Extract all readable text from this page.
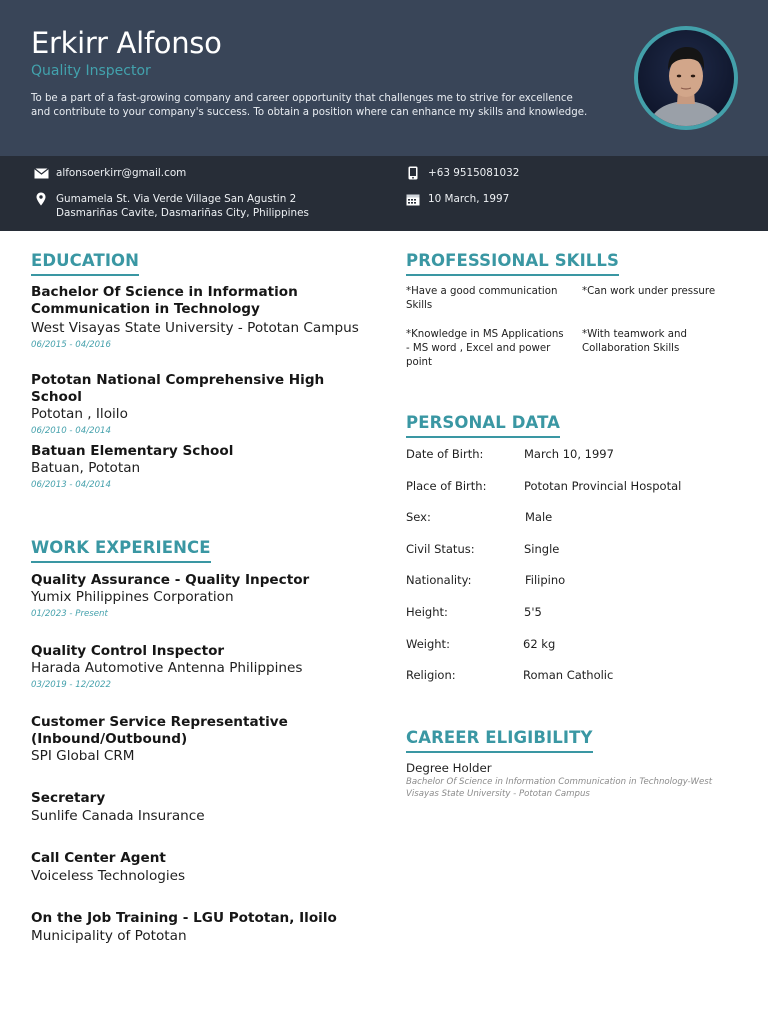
Erkirr Alfonso
Quality Inspector
To be a part of a fast-growing company and career opportunity that challenges me to strive for excellence and contribute to your company's success. To obtain a position where can enhance my skills and knowledge.
alfonsoerkirr@gmail.com	+63 9515081032
Gumamela St. Via Verde Village San Agustin 2
Dasmariñas Cavite, Dasmariñas City, Philippines
10 March, 1997
EDUCATION
Bachelor Of Science in Information Communication in Technology
West Visayas State University - Pototan Campus
06/2015 - 04/2016
Pototan National Comprehensive High School
Pototan , Iloilo
06/2010 - 04/2014
Batuan Elementary School
Batuan, Pototan
06/2013 - 04/2014
WORK EXPERIENCE
Quality Assurance - Quality Inpector
Yumix Philippines Corporation
01/2023 - Present
Quality Control Inspector
Harada Automotive Antenna Philippines
03/2019 - 12/2022
Customer Service Representative (Inbound/Outbound)
SPI Global CRM
Secretary
Sunlife Canada Insurance
Call Center Agent
Voiceless Technologies
On the Job Training - LGU Pototan, Iloilo
Municipality of Pototan
PROFESSIONAL SKILLS
*Have a good communication Skills
*Can work under pressure
*Knowledge in MS Applications - MS word , Excel and power point
*With teamwork and Collaboration Skills
PERSONAL DATA
Date of Birth:	March 10, 1997
Place of Birth:	Pototan Provincial Hospotal
Sex:	Male
Civil Status:	Single
Nationality:	Filipino
Height:	5'5
Weight:	62 kg
Religion:	Roman Catholic
CAREER ELIGIBILITY
Degree Holder
Bachelor Of Science in Information Communication in Technology-West Visayas State University - Pototan Campus
